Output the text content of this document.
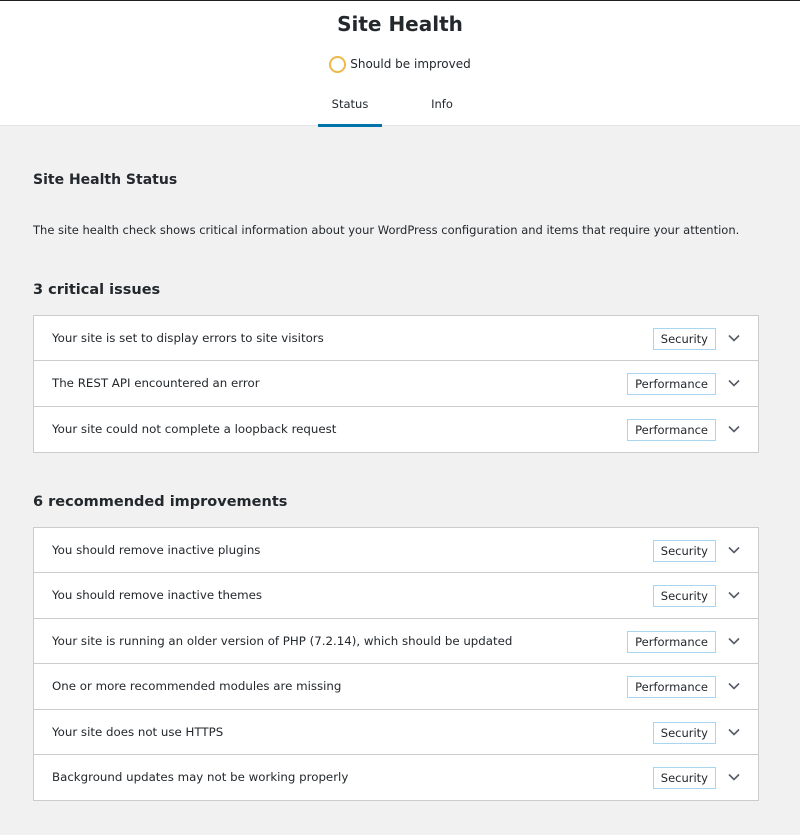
Site Health
Should be improved
Status	Info
Site Health Status

The site health check shows critical information about your WordPress configuration and items that require your attention.

3 critical issues
Your site is set to display errors to site visitors	Security
The REST API encountered an error	Performance
Your site could not complete a loopback request	Performance
6 recommended improvements
You should remove inactive plugins	Security
You should remove inactive themes	Security
Your site is running an older version of PHP (7.2.14), which should be updated	Performance
One or more recommended modules are missing	Performance
Your site does not use HTTPS	Security
Background updates may not be working properly	Security
